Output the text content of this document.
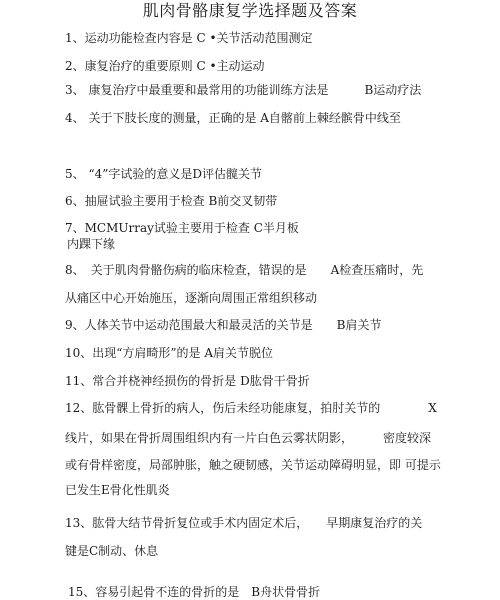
肌肉骨骼康复学选择题及答案
1、运动功能检查内容是 C •关节活动范围测定
2、康复治疗的重要原则 C •主动运动
3、 康复治疗中最重要和最常用的功能训练方法是　　　B运动疗法
4、 关于下肢长度的测量，正确的是 A自髂前上棘经髌骨中线至
5、 “4”字试验的意义是D评估髋关节
6、抽屉试验主要用于检查 B前交叉韧带
7、MCMUrray试验主要用于检查 C半月板
内踝下缘
8、　关于肌肉骨骼伤病的临床检查，错误的是　　A检查压痛时，先
从痛区中心开始施压，逐渐向周围正常组织移动
9、人体关节中运动范围最大和最灵活的关节是　　B肩关节
10、出现“方肩畸形”的是 A肩关节脱位
11、常合并桡神经损伤的骨折是 D肱骨干骨折
12、肱骨髁上骨折的病人，伤后未经功能康复，拍肘关节的　　　　X
线片，如果在骨折周围组织内有一片白色云雾状阴影，　　　密度较深
或有骨样密度，局部肿胀，触之硬韧感，关节运动障碍明显，即 可提示
已发生E骨化性肌炎
13、肱骨大结节骨折复位或手术内固定术后，　　早期康复治疗的关
键是C制动、休息
15、容易引起骨不连的骨折的是　B舟状骨骨折
